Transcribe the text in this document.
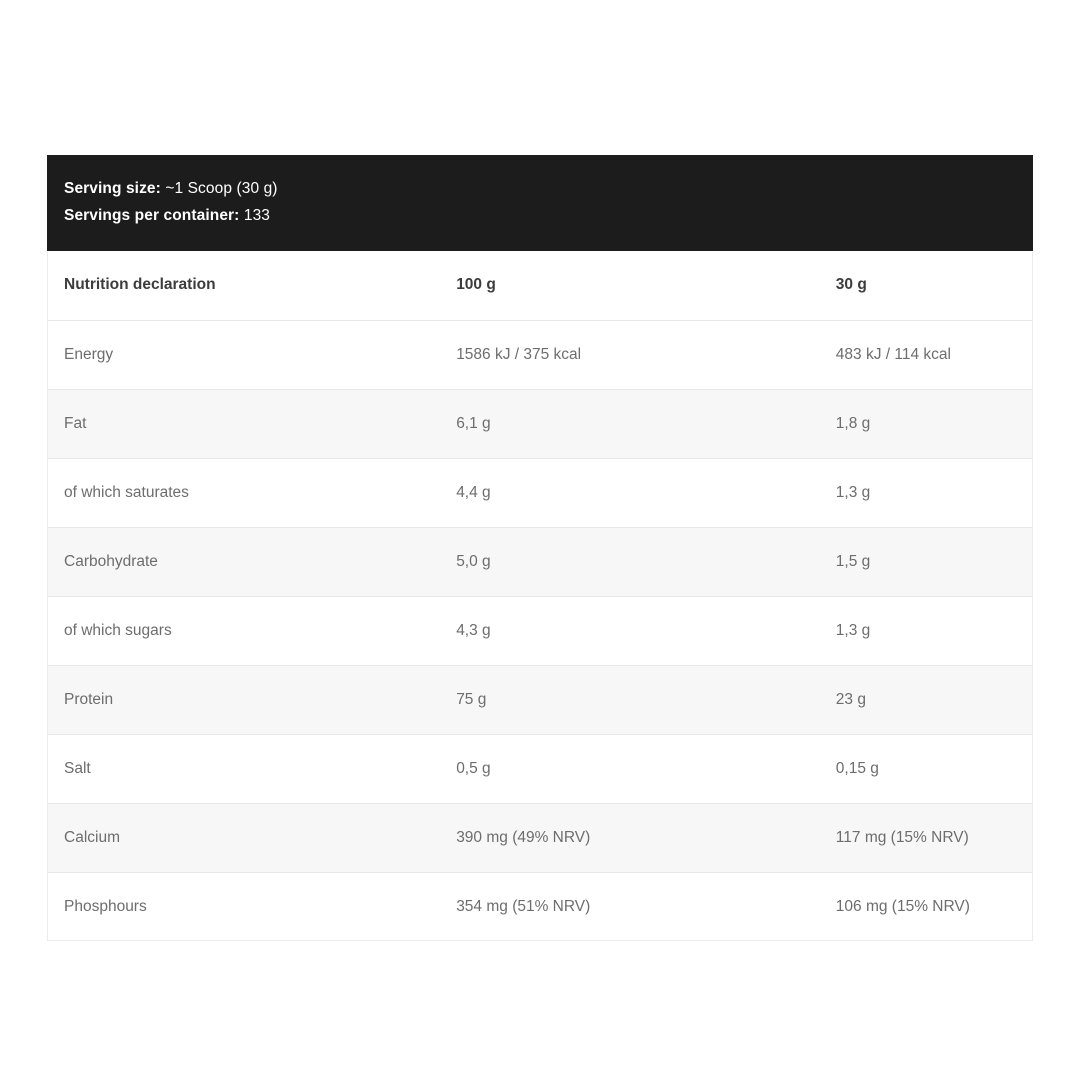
Serving size: ~1 Scoop (30 g)
Servings per container: 133
Nutrition declaration	100 g	30 g
Energy	1586 kJ / 375 kcal	483 kJ / 114 kcal
Fat	6,1 g	1,8 g
of which saturates	4,4 g	1,3 g
Carbohydrate	5,0 g	1,5 g
of which sugars	4,3 g	1,3 g
Protein	75 g	23 g
Salt	0,5 g	0,15 g
Calcium	390 mg (49% NRV)	117 mg (15% NRV)
Phosphours	354 mg (51% NRV)	106 mg (15% NRV)
